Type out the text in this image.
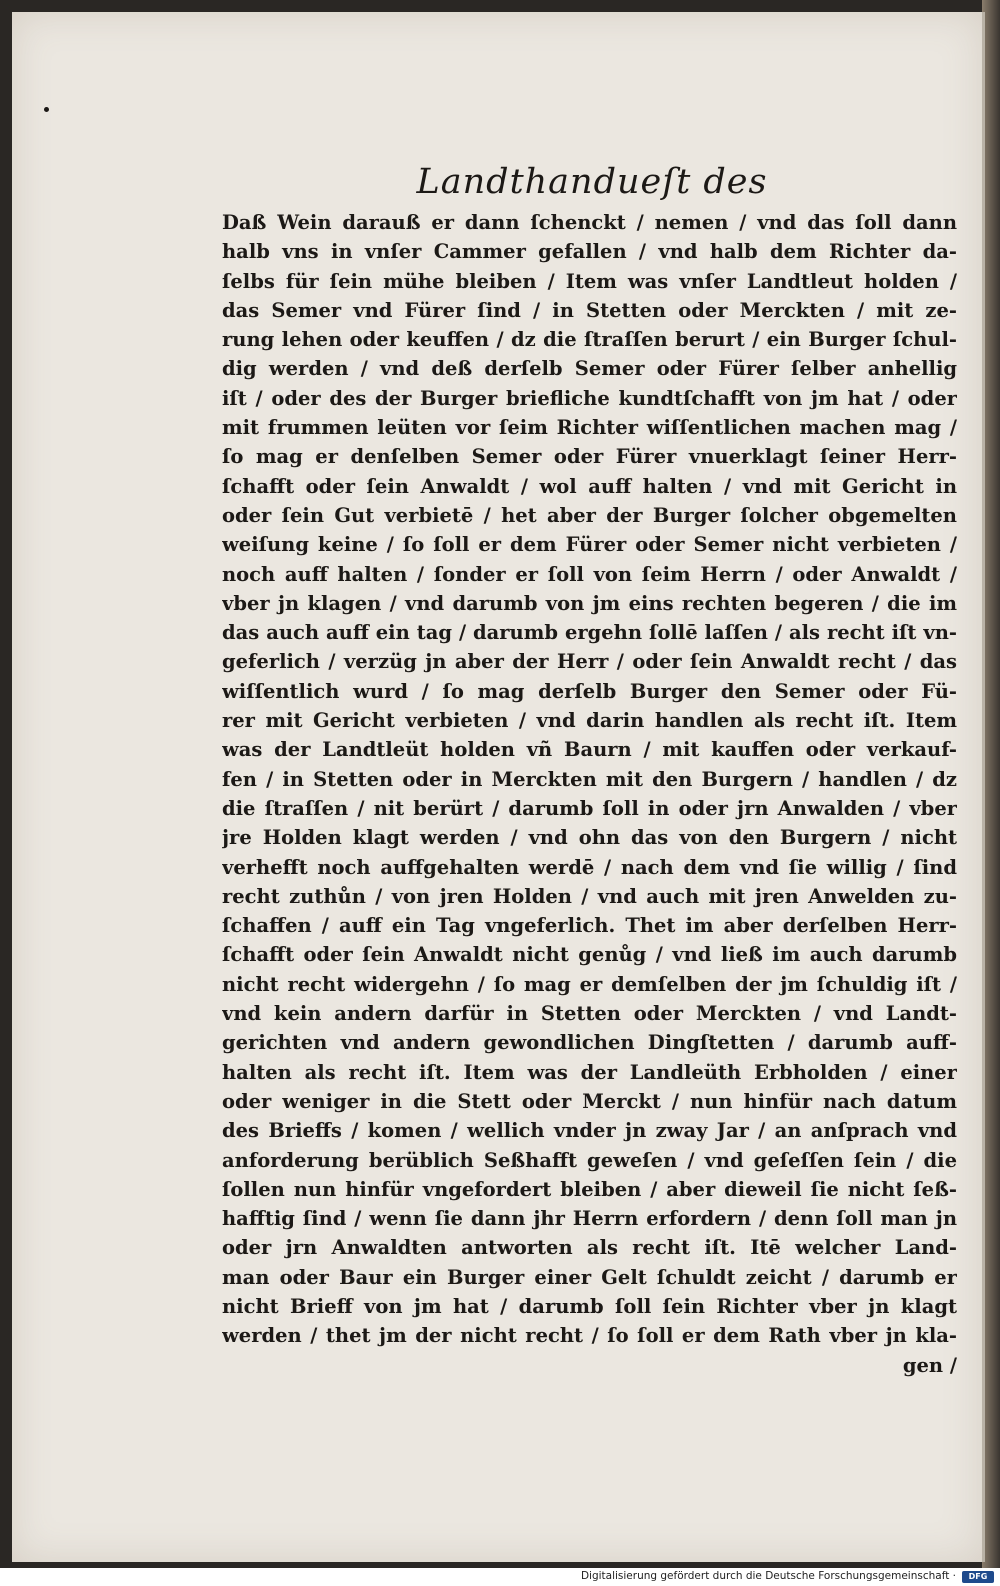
Landthandueſt des
Daß Wein darauß er dann ſchenckt / nemen / vnd das ſoll dann
halb vns in vnſer Cammer gefallen / vnd halb dem Richter da-
ſelbs für ſein mühe bleiben / Item was vnſer Landtleut holden /
das Semer vnd Fürer ſind / in Stetten oder Merckten / mit ze-
rung lehen oder keuffen / dz die ſtraſſen berurt / ein Burger ſchul-
dig werden / vnd deß derſelb Semer oder Fürer ſelber anhellig
iſt / oder des der Burger briefliche kundtſchafft von jm hat / oder
mit frummen leüten vor ſeim Richter wiſſentlichen machen mag /
ſo mag er denſelben Semer oder Fürer vnuerklagt ſeiner Herr-
ſchafft oder ſein Anwaldt / wol auff halten / vnd mit Gericht in
oder ſein Gut verbietē / het aber der Burger ſolcher obgemelten
weiſung keine / ſo ſoll er dem Fürer oder Semer nicht verbieten /
noch auff halten / ſonder er ſoll von ſeim Herrn / oder Anwaldt /
vber jn klagen / vnd darumb von jm eins rechten begeren / die im
das auch auff ein tag / darumb ergehn ſollē laſſen / als recht iſt vn-
geferlich / verzüg jn aber der Herr / oder ſein Anwaldt recht / das
wiſſentlich wurd / ſo mag derſelb Burger den Semer oder Fü-
rer mit Gericht verbieten / vnd darin handlen als recht iſt. Item
was der Landtleüt holden vñ Baurn / mit kauffen oder verkauf-
fen / in Stetten oder in Merckten mit den Burgern / handlen / dz
die ſtraſſen / nit berürt / darumb ſoll in oder jrn Anwalden / vber
jre Holden klagt werden / vnd ohn das von den Burgern / nicht
verhefft noch auffgehalten werdē / nach dem vnd ſie willig / ſind
recht zuthůn / von jren Holden / vnd auch mit jren Anwelden zu-
ſchaffen / auff ein Tag vngeferlich. Thet im aber derſelben Herr-
ſchafft oder ſein Anwaldt nicht genůg / vnd ließ im auch darumb
nicht recht widergehn / ſo mag er demſelben der jm ſchuldig iſt /
vnd kein andern darfür in Stetten oder Merckten / vnd Landt-
gerichten vnd andern gewondlichen Dingſtetten / darumb auff-
halten als recht iſt. Item was der Landleüth Erbholden / einer
oder weniger in die Stett oder Merckt / nun hinfür nach datum
des Brieffs / komen / wellich vnder jn zway Jar / an anſprach vnd
anforderung berüblich Seßhafft geweſen / vnd geſeſſen ſein / die
ſollen nun hinfür vngefordert bleiben / aber dieweil ſie nicht ſeß-
hafftig ſind / wenn ſie dann jhr Herrn erfordern / denn ſoll man jn
oder jrn Anwaldten antworten als recht iſt. Itē welcher Land-
man oder Baur ein Burger einer Gelt ſchuldt zeicht / darumb er
nicht Brieff von jm hat / darumb ſoll ſein Richter vber jn klagt
werden / thet jm der nicht recht / ſo ſoll er dem Rath vber jn kla-
gen /
Digitalisierung gefördert durch die Deutsche Forschungsgemeinschaft ·	DFG
